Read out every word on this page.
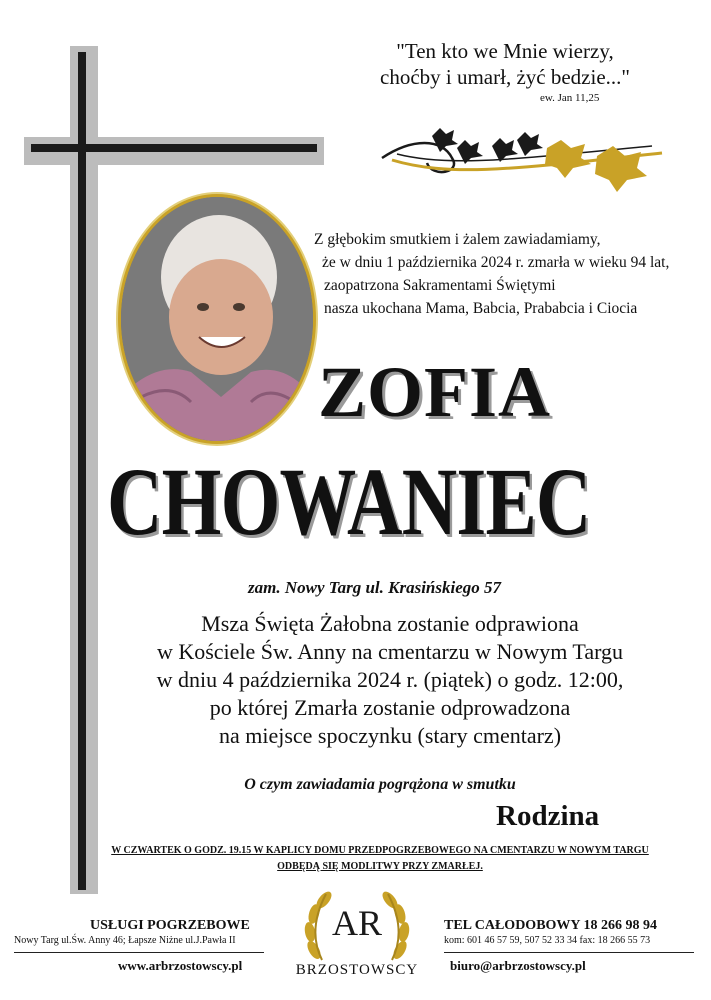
"Ten kto we Mnie wierzy,
choćby i umarł, żyć bedzie..."
ew. Jan 11,25
Z głębokim smutkiem i żalem zawiadamiamy,
że w dniu 1 października 2024 r. zmarła w wieku 94 lat,
zaopatrzona Sakramentami Świętymi
nasza ukochana Mama, Babcia, Prababcia i Ciocia
ZOFIA
CHOWANIEC
zam. Nowy Targ ul. Krasińskiego 57
Msza Święta Żałobna zostanie odprawiona
w Kościele Św. Anny na cmentarzu w Nowym Targu
w dniu 4 października 2024 r. (piątek) o godz. 12:00,
po której Zmarła zostanie odprowadzona
na miejsce spoczynku (stary cmentarz)
O czym zawiadamia pogrążona w smutku
Rodzina
W CZWARTEK O GODZ. 19.15 W KAPLICY DOMU PRZEDPOGRZEBOWEGO NA CMENTARZU W NOWYM TARGU
ODBĘDĄ SIĘ MODLITWY PRZY ZMARŁEJ.
USŁUGI POGRZEBOWE
Nowy Targ ul.Św. Anny 46; Łapsze Niżne ul.J.Pawła II
www.arbrzostowscy.pl
AR
BRZOSTOWSCY
TEL CAŁODOBOWY 18 266 98 94
kom: 601 46 57 59, 507 52 33 34 fax: 18 266 55 73
biuro@arbrzostowscy.pl
